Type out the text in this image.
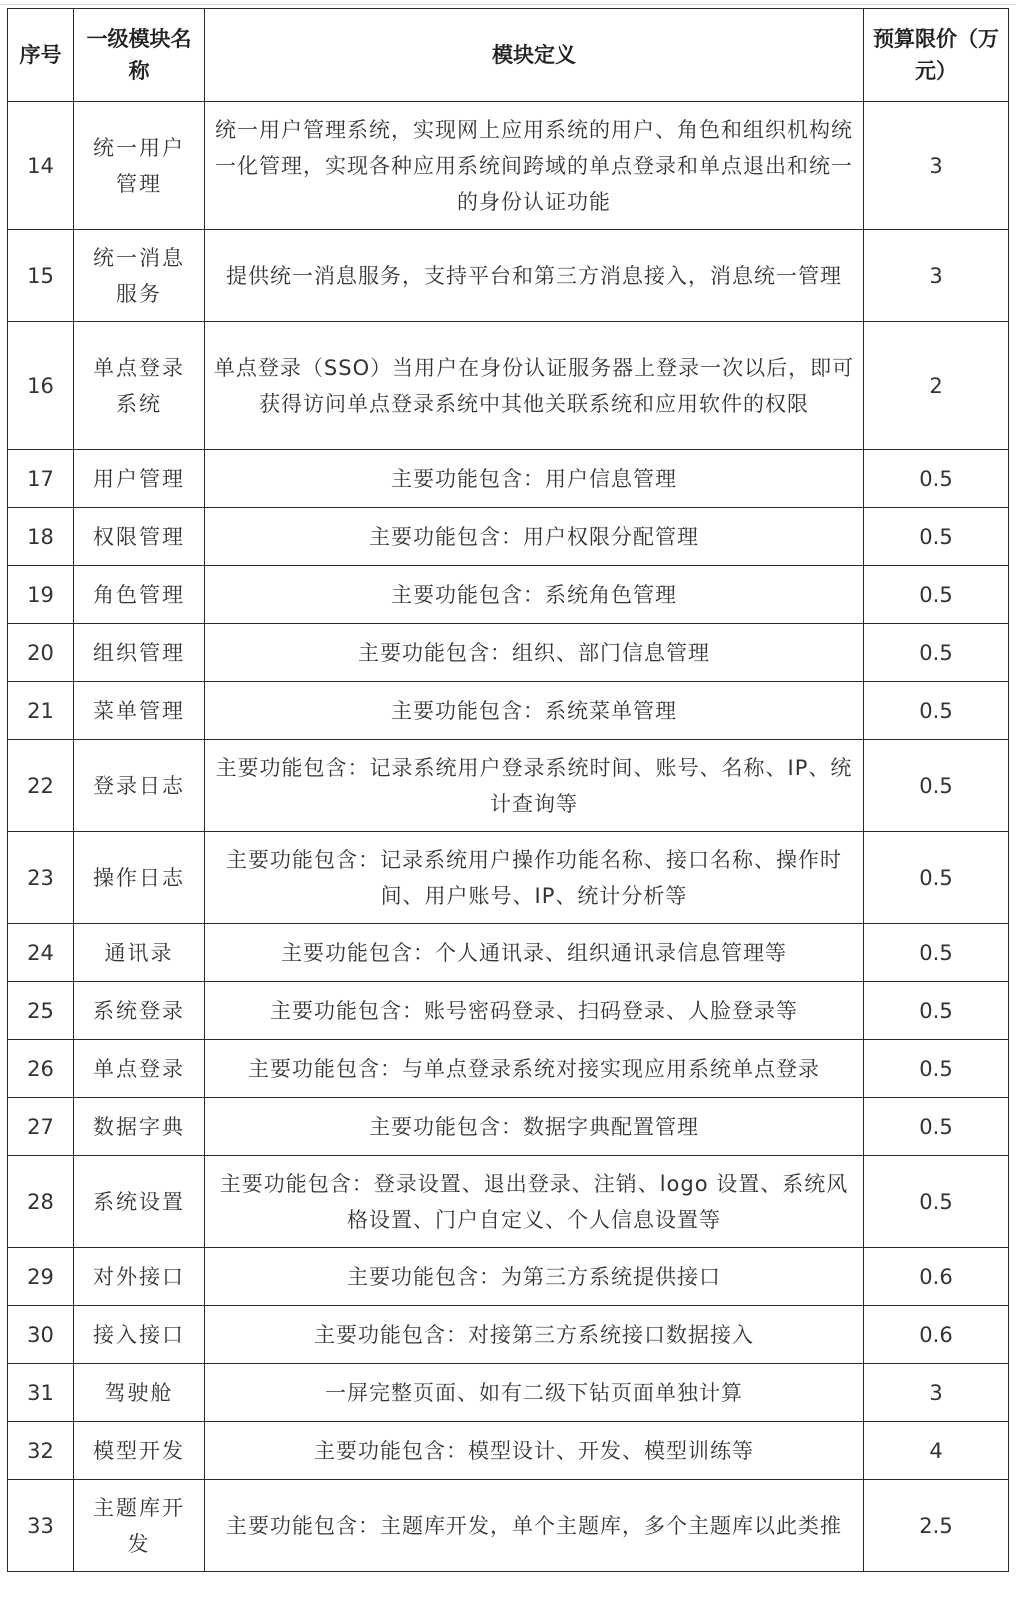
序号	一级模块名称	模块定义	预算限价（万元）
14	统一用户管理	统一用户管理系统，实现网上应用系统的用户、角色和组织机构统一化管理，实现各种应用系统间跨域的单点登录和单点退出和统一的身份认证功能	3
15	统一消息服务	提供统一消息服务，支持平台和第三方消息接入，消息统一管理	3
16	单点登录系统	单点登录（SSO）当用户在身份认证服务器上登录一次以后，即可获得访问单点登录系统中其他关联系统和应用软件的权限	2
17	用户管理	主要功能包含：用户信息管理	0.5
18	权限管理	主要功能包含：用户权限分配管理	0.5
19	角色管理	主要功能包含：系统角色管理	0.5
20	组织管理	主要功能包含：组织、部门信息管理	0.5
21	菜单管理	主要功能包含：系统菜单管理	0.5
22	登录日志	主要功能包含：记录系统用户登录系统时间、账号、名称、IP、统计查询等	0.5
23	操作日志	主要功能包含：记录系统用户操作功能名称、接口名称、操作时间、用户账号、IP、统计分析等	0.5
24	通讯录	主要功能包含：个人通讯录、组织通讯录信息管理等	0.5
25	系统登录	主要功能包含：账号密码登录、扫码登录、人脸登录等	0.5
26	单点登录	主要功能包含：与单点登录系统对接实现应用系统单点登录	0.5
27	数据字典	主要功能包含：数据字典配置管理	0.5
28	系统设置	主要功能包含：登录设置、退出登录、注销、logo 设置、系统风格设置、门户自定义、个人信息设置等	0.5
29	对外接口	主要功能包含：为第三方系统提供接口	0.6
30	接入接口	主要功能包含：对接第三方系统接口数据接入	0.6
31	驾驶舱	一屏完整页面、如有二级下钻页面单独计算	3
32	模型开发	主要功能包含：模型设计、开发、模型训练等	4
33	主题库开发	主要功能包含：主题库开发，单个主题库，多个主题库以此类推	2.5
